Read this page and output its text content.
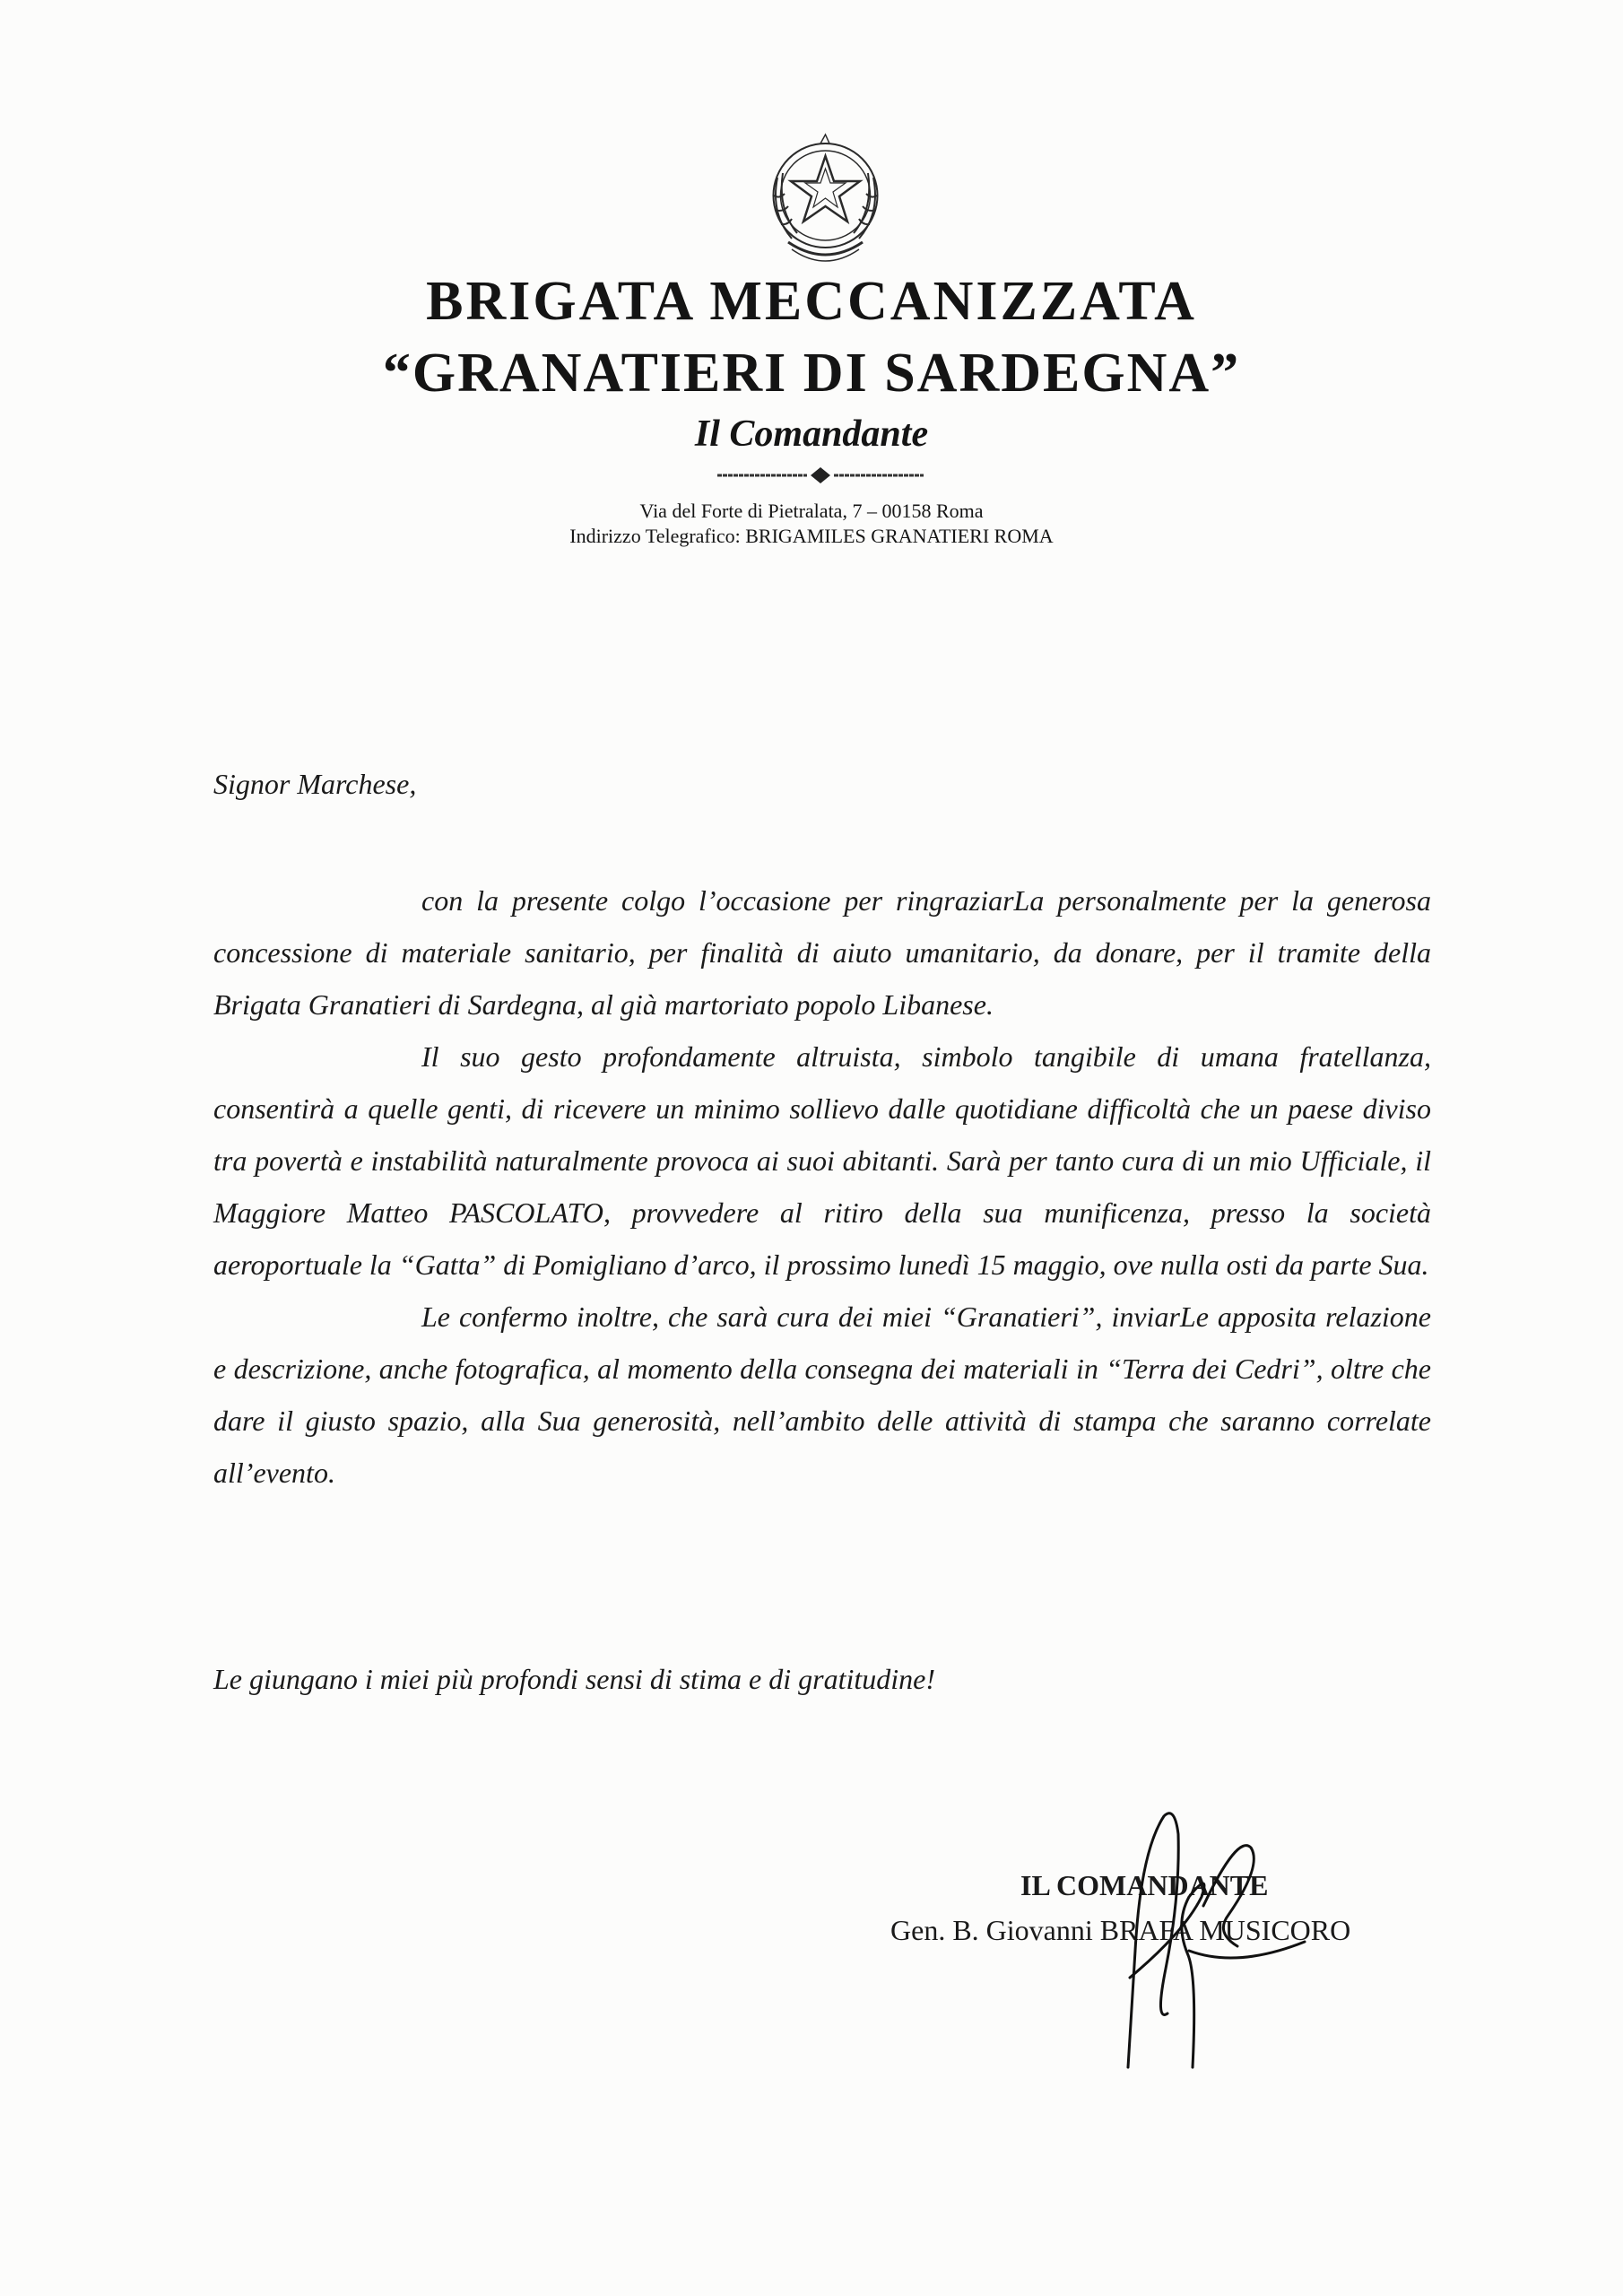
BRIGATA MECCANIZZATA
“GRANATIERI DI SARDEGNA”
Il Comandante
Via del Forte di Pietralata, 7 – 00158 Roma
Indirizzo Telegrafico: BRIGAMILES GRANATIERI ROMA
Signor Marchese,

con la presente colgo l’occasione per ringraziarLa personalmente per la generosa concessione di materiale sanitario, per finalità di aiuto umanitario, da donare, per il tramite della Brigata Granatieri di Sardegna, al già martoriato popolo Libanese.

Il suo gesto profondamente altruista, simbolo tangibile di umana fratellanza, consentirà a quelle genti, di ricevere un minimo sollievo dalle quotidiane difficoltà che un paese diviso tra povertà e instabilità naturalmente provoca ai suoi abitanti. Sarà per tanto cura di un mio Ufficiale, il Maggiore Matteo PASCOLATO, provvedere al ritiro della sua munificenza, presso la società aeroportuale la “Gatta” di Pomigliano d’arco, il prossimo lunedì 15 maggio, ove nulla osti da parte Sua.

Le confermo inoltre, che sarà cura dei miei “Granatieri”, inviarLe apposita relazione e descrizione, anche fotografica, al momento della consegna dei materiali in “Terra dei Cedri”, oltre che dare il giusto spazio, alla Sua generosità, nell’ambito delle attività di stampa che saranno correlate all’evento.

Le giungano i miei più profondi sensi di stima e di gratitudine!
IL COMANDANTE
Gen. B. Giovanni BRAFA MUSICORO
